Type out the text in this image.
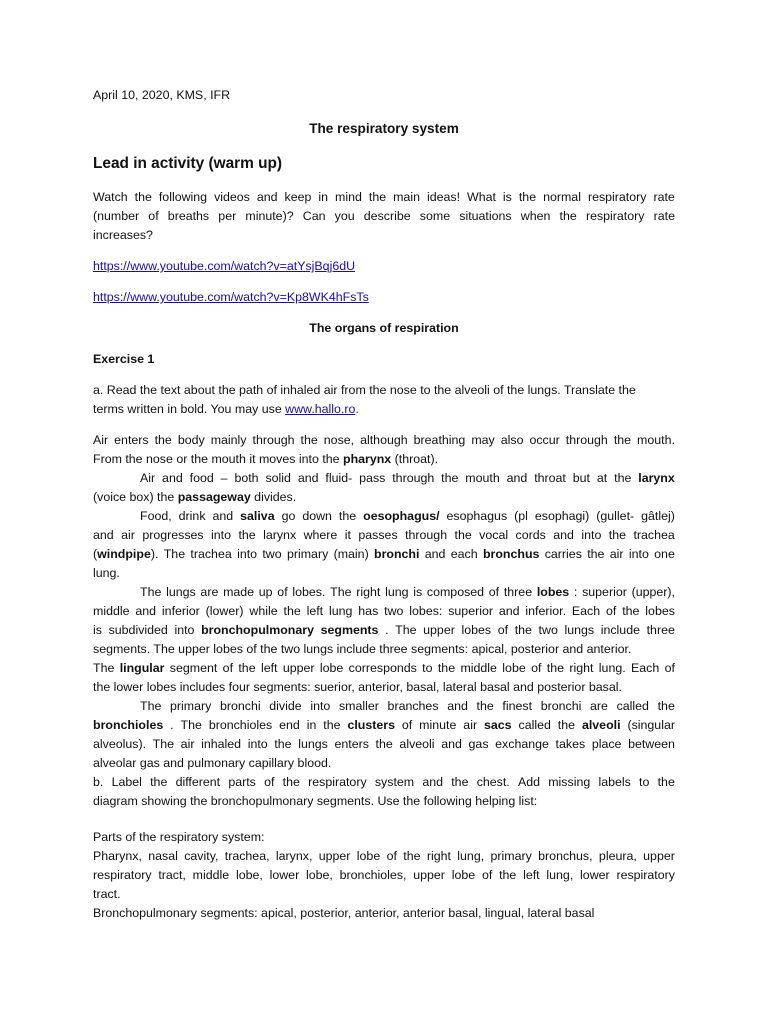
April 10, 2020, KMS, IFR
The respiratory system
Lead in activity (warm up)
Watch the following videos and keep in mind the main ideas! What is the normal respiratory rate
(number of breaths per minute)? Can you describe some situations when the respiratory rate
increases?
https://www.youtube.com/watch?v=atYsjBqj6dU
https://www.youtube.com/watch?v=Kp8WK4hFsTs
The organs of respiration
Exercise 1
a. Read the text about the path of inhaled air from the nose to the alveoli of the lungs. Translate the
terms written in bold. You may use www.hallo.ro.
Air enters the body mainly through the nose, although breathing may also occur through the mouth.
From the nose or the mouth it moves into the pharynx (throat).
Air and food – both solid and fluid- pass through the mouth and throat but at the larynx
(voice box) the passageway divides.
Food, drink and saliva go down the oesophagus/ esophagus (pl esophagi) (gullet- gâtlej)
and air progresses into the larynx where it passes through the vocal cords and into the trachea
(windpipe). The trachea into two primary (main) bronchi and each bronchus carries the air into one
lung.
The lungs are made up of lobes. The right lung is composed of three lobes : superior (upper),
middle and inferior (lower) while the left lung has two lobes: superior and inferior. Each of the lobes
is subdivided into bronchopulmonary segments . The upper lobes of the two lungs include three
segments. The upper lobes of the two lungs include three segments: apical, posterior and anterior.
The lingular segment of the left upper lobe corresponds to the middle lobe of the right lung. Each of
the lower lobes includes four segments: suerior, anterior, basal, lateral basal and posterior basal.
The primary bronchi divide into smaller branches and the finest bronchi are called the
bronchioles . The bronchioles end in the clusters of minute air sacs called the alveoli (singular
alveolus). The air inhaled into the lungs enters the alveoli and gas exchange takes place between
alveolar gas and pulmonary capillary blood.
b. Label the different parts of the respiratory system and the chest. Add missing labels to the
diagram showing the bronchopulmonary segments. Use the following helping list:
Parts of the respiratory system:
Pharynx, nasal cavity, trachea, larynx, upper lobe of the right lung, primary bronchus, pleura, upper
respiratory tract, middle lobe, lower lobe, bronchioles, upper lobe of the left lung, lower respiratory
tract.
Bronchopulmonary segments: apical, posterior, anterior, anterior basal, lingual, lateral basal
